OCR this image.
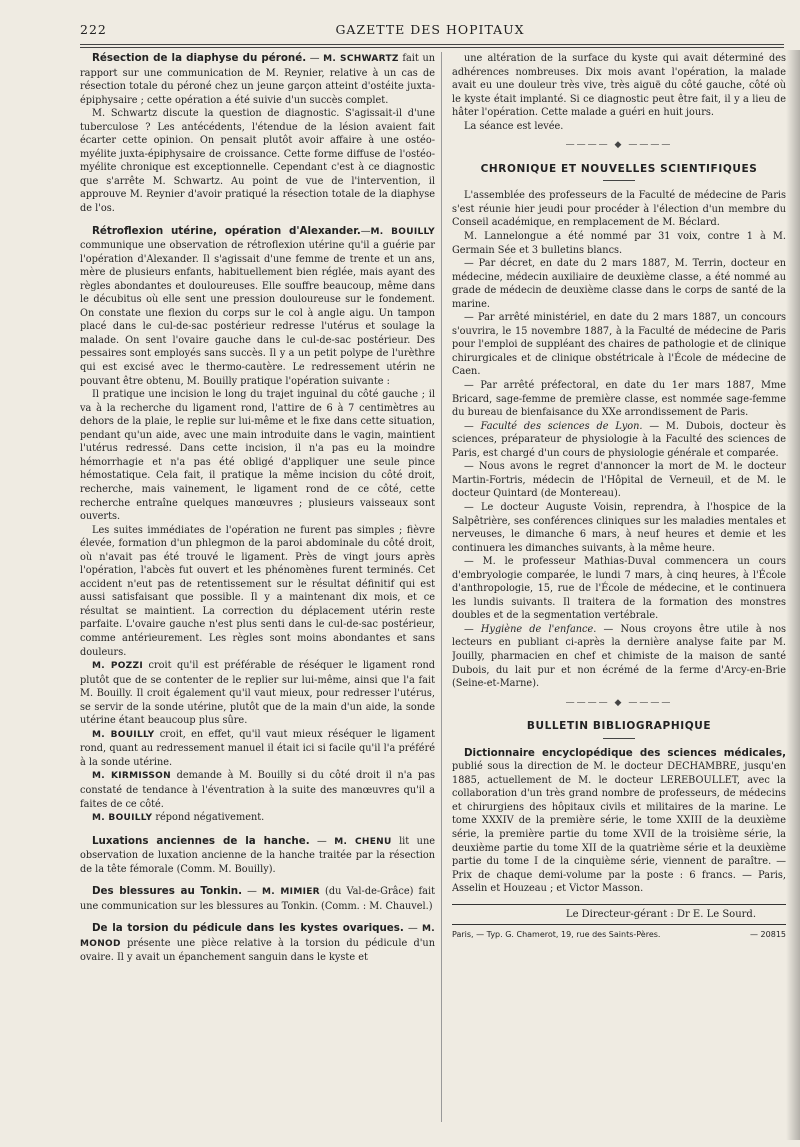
222	GAZETTE DES HOPITAUX

Résection de la diaphyse du péroné. — M. SCHWARTZ fait un rapport sur une communication de M. Reynier, relative à un cas de résection totale du péroné chez un jeune garçon atteint d'ostéite juxta-épiphysaire ; cette opération a été suivie d'un succès complet.

M. Schwartz discute la question de diagnostic. S'agissait-il d'une tuberculose ? Les antécédents, l'étendue de la lésion avaient fait écarter cette opinion. On pensait plutôt avoir affaire à une ostéo-myélite juxta-épiphysaire de croissance. Cette forme diffuse de l'ostéo-myélite chronique est exceptionnelle. Cependant c'est à ce diagnostic que s'arrête M. Schwartz. Au point de vue de l'intervention, il approuve M. Reynier d'avoir pratiqué la résection totale de la diaphyse de l'os.

Rétroflexion utérine, opération d'Alexander.—M. BOUILLY communique une observation de rétroflexion utérine qu'il a guérie par l'opération d'Alexander. Il s'agissait d'une femme de trente et un ans, mère de plusieurs enfants, habituellement bien réglée, mais ayant des règles abondantes et douloureuses. Elle souffre beaucoup, même dans le décubitus où elle sent une pression douloureuse sur le fondement. On constate une flexion du corps sur le col à angle aigu. Un tampon placé dans le cul-de-sac postérieur redresse l'utérus et soulage la malade. On sent l'ovaire gauche dans le cul-de-sac postérieur. Des pessaires sont employés sans succès. Il y a un petit polype de l'urèthre qui est excisé avec le thermo-cautère. Le redressement utérin ne pouvant être obtenu, M. Bouilly pratique l'opération suivante :

Il pratique une incision le long du trajet inguinal du côté gauche ; il va à la recherche du ligament rond, l'attire de 6 à 7 centimètres au dehors de la plaie, le replie sur lui-même et le fixe dans cette situation, pendant qu'un aide, avec une main introduite dans le vagin, maintient l'utérus redressé. Dans cette incision, il n'a pas eu la moindre hémorrhagie et n'a pas été obligé d'appliquer une seule pince hémostatique. Cela fait, il pratique la même incision du côté droit, recherche, mais vainement, le ligament rond de ce côté, cette recherche entraîne quelques manœuvres ; plusieurs vaisseaux sont ouverts.

Les suites immédiates de l'opération ne furent pas simples ; fièvre élevée, formation d'un phlegmon de la paroi abdominale du côté droit, où n'avait pas été trouvé le ligament. Près de vingt jours après l'opération, l'abcès fut ouvert et les phénomènes furent terminés. Cet accident n'eut pas de retentissement sur le résultat définitif qui est aussi satisfaisant que possible. Il y a maintenant dix mois, et ce résultat se maintient. La correction du déplacement utérin reste parfaite. L'ovaire gauche n'est plus senti dans le cul-de-sac postérieur, comme antérieurement. Les règles sont moins abondantes et sans douleurs.

M. POZZI croit qu'il est préférable de réséquer le ligament rond plutôt que de se contenter de le replier sur lui-même, ainsi que l'a fait M. Bouilly. Il croit également qu'il vaut mieux, pour redresser l'utérus, se servir de la sonde utérine, plutôt que de la main d'un aide, la sonde utérine étant beaucoup plus sûre.

M. BOUILLY croit, en effet, qu'il vaut mieux réséquer le ligament rond, quant au redressement manuel il était ici si facile qu'il l'a préféré à la sonde utérine.

M. KIRMISSON demande à M. Bouilly si du côté droit il n'a pas constaté de tendance à l'éventration à la suite des manœuvres qu'il a faites de ce côté.

M. BOUILLY répond négativement.

Luxations anciennes de la hanche. — M. CHENU lit une observation de luxation ancienne de la hanche traitée par la résection de la tête fémorale (Comm. M. Bouilly).

Des blessures au Tonkin. — M. MIMIER (du Val-de-Grâce) fait une communication sur les blessures au Tonkin. (Comm. : M. Chauvel.)

De la torsion du pédicule dans les kystes ovariques. — M. MONOD présente une pièce relative à la torsion du pédicule d'un ovaire. Il y avait un épanchement sanguin dans le kyste et

une altération de la surface du kyste qui avait déterminé des adhérences nombreuses. Dix mois avant l'opération, la malade avait eu une douleur très vive, très aiguë du côté gauche, côté où le kyste était implanté. Si ce diagnostic peut être fait, il y a lieu de hâter l'opération. Cette malade a guéri en huit jours.

La séance est levée.

———— ◆ ————
CHRONIQUE ET NOUVELLES SCIENTIFIQUES

L'assemblée des professeurs de la Faculté de médecine de Paris s'est réunie hier jeudi pour procéder à l'élection d'un membre du Conseil académique, en remplacement de M. Béclard.

M. Lannelongue a été nommé par 31 voix, contre 1 à M. Germain Sée et 3 bulletins blancs.

— Par décret, en date du 2 mars 1887, M. Terrin, docteur en médecine, médecin auxiliaire de deuxième classe, a été nommé au grade de médecin de deuxième classe dans le corps de santé de la marine.

— Par arrêté ministériel, en date du 2 mars 1887, un concours s'ouvrira, le 15 novembre 1887, à la Faculté de médecine de Paris pour l'emploi de suppléant des chaires de pathologie et de clinique chirurgicales et de clinique obstétricale à l'École de médecine de Caen.

— Par arrêté préfectoral, en date du 1er mars 1887, Mme Bricard, sage-femme de première classe, est nommée sage-femme du bureau de bienfaisance du XXe arrondissement de Paris.

— Faculté des sciences de Lyon. — M. Dubois, docteur ès sciences, préparateur de physiologie à la Faculté des sciences de Paris, est chargé d'un cours de physiologie générale et comparée.

— Nous avons le regret d'annoncer la mort de M. le docteur Martin-Fortris, médecin de l'Hôpital de Verneuil, et de M. le docteur Quintard (de Montereau).

— Le docteur Auguste Voisin, reprendra, à l'hospice de la Salpêtrière, ses conférences cliniques sur les maladies mentales et nerveuses, le dimanche 6 mars, à neuf heures et demie et les continuera les dimanches suivants, à la même heure.

— M. le professeur Mathias-Duval commencera un cours d'embryologie comparée, le lundi 7 mars, à cinq heures, à l'École d'anthropologie, 15, rue de l'École de médecine, et le continuera les lundis suivants. Il traitera de la formation des monstres doubles et de la segmentation vertébrale.

— Hygiène de l'enfance. — Nous croyons être utile à nos lecteurs en publiant ci-après la dernière analyse faite par M. Jouilly, pharmacien en chef et chimiste de la maison de santé Dubois, du lait pur et non écrémé de la ferme d'Arcy-en-Brie (Seine-et-Marne).

———— ◆ ————
BULLETIN BIBLIOGRAPHIQUE

Dictionnaire encyclopédique des sciences médicales, publié sous la direction de M. le docteur DECHAMBRE, jusqu'en 1885, actuellement de M. le docteur LEREBOULLET, avec la collaboration d'un très grand nombre de professeurs, de médecins et chirurgiens des hôpitaux civils et militaires de la marine. Le tome XXXIV de la première série, le tome XXIII de la deuxième série, la première partie du tome XVII de la troisième série, la deuxième partie du tome XII de la quatrième série et la deuxième partie du tome I de la cinquième série, viennent de paraître. — Prix de chaque demi-volume par la poste : 6 francs. — Paris, Asselin et Houzeau ; et Victor Masson.

Le Directeur-gérant : Dr E. Le Sourd.
Paris, — Typ. G. Chamerot, 19, rue des Saints-Pères.	— 20815
